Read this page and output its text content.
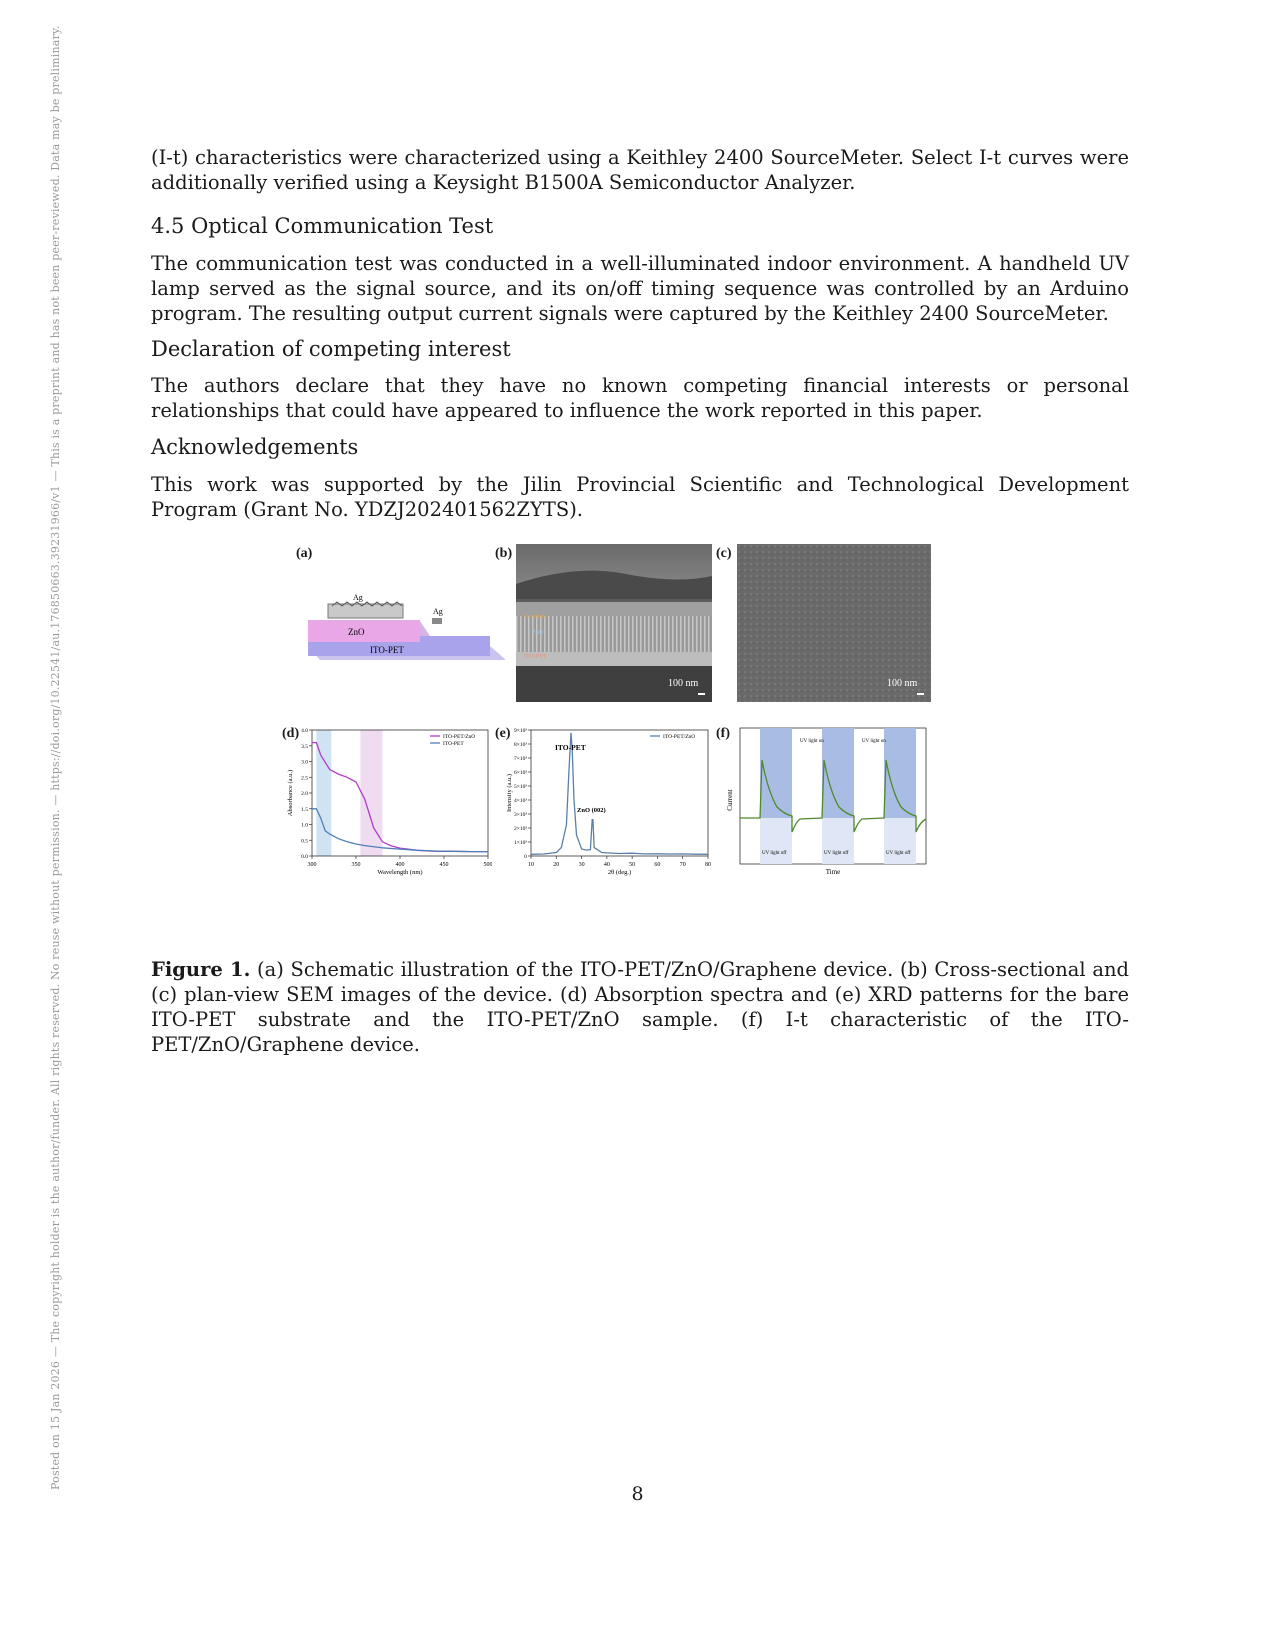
Posted on 15 Jan 2026 — The copyright holder is the author/funder. All rights reserved. No reuse without permission. — https://doi.org/10.22541/au.176850663.39231966/v1 — This is a preprint and has not been peer-reviewed. Data may be preliminary.	(I-t) characteristics were characterized using a Keithley 2400 SourceMeter. Select I-t curves were additionally verified using a Keysight B1500A Semiconductor Analyzer.
4.5 Optical Communication Test
The communication test was conducted in a well-illuminated indoor environment. A handheld UV lamp served as the signal source, and its on/off timing sequence was controlled by an Arduino program. The resulting output current signals were captured by the Keithley 2400 SourceMeter.
Declaration of competing interest
The authors declare that they have no known competing financial interests or personal relationships that could have appeared to influence the work reported in this paper.
Acknowledgements
This work was supported by the Jilin Provincial Scientific and Technological Development Program (Grant No. YDZJ202401562ZYTS).
(a)
Ag
Ag
ZnO
ITO-PET
(b)
Graphene
ZnO
ITO-PET
100 nm
(c)
100 nm
(d)
300	350	400	450	500
0.0
0.5
1.0
1.5
2.0
2.5
3.0
3.5
4.0
Wavelength (nm)
Absorbance (a.u.)
ITO-PET/ZnO
ITO-PET
(e)
10	20	30	40	50	60	70	80
0
1×10³
2×10³
3×10³
4×10³
5×10³
6×10³
7×10³
8×10³
9×10³
2θ (deg.)
Intensity (a.u.)
ITO-PET/ZnO
ITO-PET
ZnO (002)
(f)
UV light on	UV light on
UV light off	UV light off	UV light off
Current
Time
Figure 1. (a) Schematic illustration of the ITO-PET/ZnO/Graphene device. (b) Cross-sectional and (c) plan-view SEM images of the device. (d) Absorption spectra and (e) XRD patterns for the bare ITO-PET substrate and the ITO-PET/ZnO sample. (f) I-t characteristic of the ITO-PET/ZnO/Graphene device.
8
